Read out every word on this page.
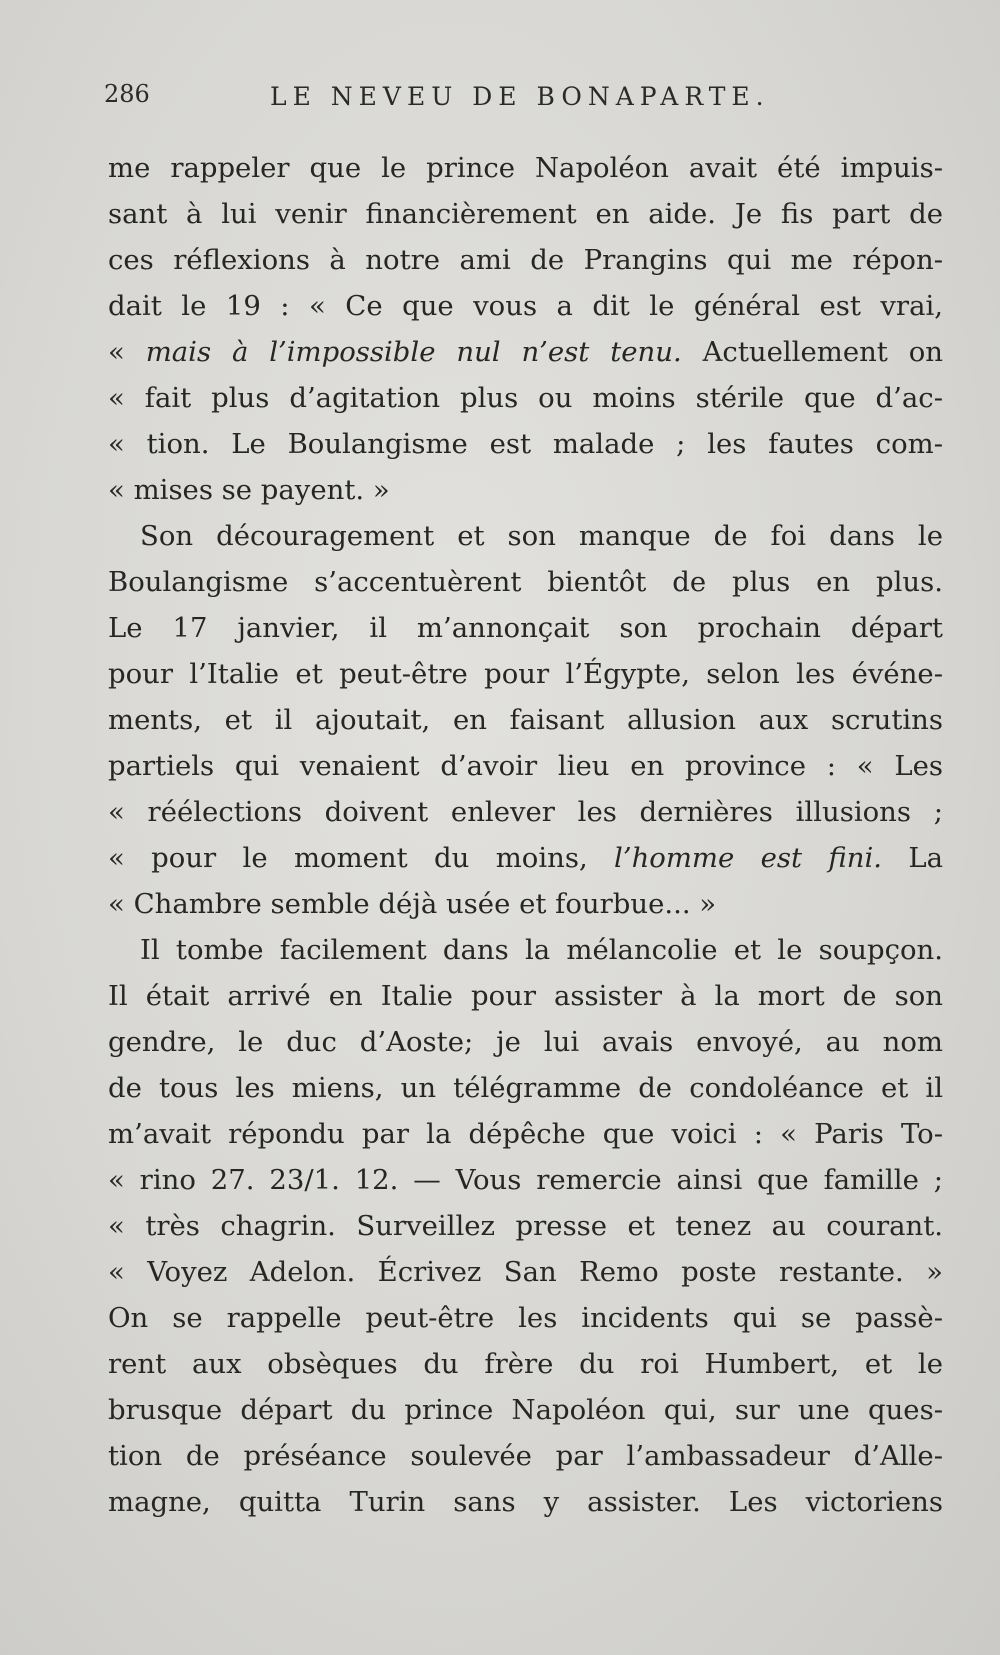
286	LE NEVEU DE BONAPARTE.
me rappeler que le prince Napoléon avait été impuis-
sant à lui venir financièrement en aide. Je fis part de
ces réflexions à notre ami de Prangins qui me répon-
dait le 19 : « Ce que vous a dit le général est vrai,
« mais à l’impossible nul n’est tenu. Actuellement on
« fait plus d’agitation plus ou moins stérile que d’ac-
« tion. Le Boulangisme est malade ; les fautes com-
« mises se payent. »
Son découragement et son manque de foi dans le
Boulangisme s’accentuèrent bientôt de plus en plus.
Le 17 janvier, il m’annonçait son prochain départ
pour l’Italie et peut-être pour l’Égypte, selon les événe-
ments, et il ajoutait, en faisant allusion aux scrutins
partiels qui venaient d’avoir lieu en province : « Les
« réélections doivent enlever les dernières illusions ;
« pour le moment du moins, l’homme est fini. La
« Chambre semble déjà usée et fourbue... »
Il tombe facilement dans la mélancolie et le soupçon.
Il était arrivé en Italie pour assister à la mort de son
gendre, le duc d’Aoste; je lui avais envoyé, au nom
de tous les miens, un télégramme de condoléance et il
m’avait répondu par la dépêche que voici : « Paris To-
« rino 27. 23/1. 12. — Vous remercie ainsi que famille ;
« très chagrin. Surveillez presse et tenez au courant.
« Voyez Adelon. Écrivez San Remo poste restante. »
On se rappelle peut-être les incidents qui se passè-
rent aux obsèques du frère du roi Humbert, et le
brusque départ du prince Napoléon qui, sur une ques-
tion de préséance soulevée par l’ambassadeur d’Alle-
magne, quitta Turin sans y assister. Les victoriens
